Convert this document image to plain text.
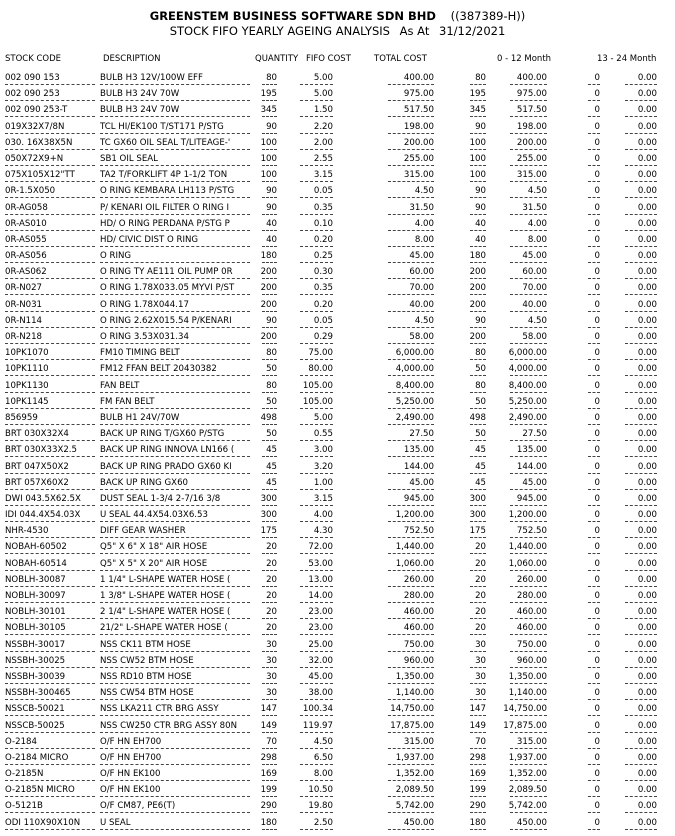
GREENSTEM BUSINESS SOFTWARE SDN BHD ((387389-H))
STOCK FIFO YEARLY AGEING ANALYSIS As At 31/12/2021
STOCK CODE	DESCRIPTION	QUANTITY FIFO COST	TOTAL COST	0 - 12 Month	13 - 24 Month
002 090 153	BULB H3 12V/100W EFF	80	5.00	400.00	80	400.00	0	0.00
002 090 253	BULB H3 24V 70W	195	5.00	975.00	195	975.00	0	0.00
002 090 253-T	BULB H3 24V 70W	345	1.50	517.50	345	517.50	0	0.00
019X32X7/8N	TCL HI/EK100 T/ST171 P/STG	90	2.20	198.00	90	198.00	0	0.00
030. 16X38X5N	TC GX60 OIL SEAL T/LITEAGE-'	100	2.00	200.00	100	200.00	0	0.00
050X72X9+N	SB1 OIL SEAL	100	2.55	255.00	100	255.00	0	0.00
075X105X12"TT	TA2 T/FORKLIFT 4P 1-1/2 TON	100	3.15	315.00	100	315.00	0	0.00
0R-1.5X050	O RING KEMBARA LH113 P/STG	90	0.05	4.50	90	4.50	0	0.00
0R-AG058	P/ KENARI OIL FILTER O RING I	90	0.35	31.50	90	31.50	0	0.00
0R-AS010	HD/ O RING PERDANA P/STG P	40	0.10	4.00	40	4.00	0	0.00
0R-AS055	HD/ CIVIC DIST O RING	40	0.20	8.00	40	8.00	0	0.00
0R-AS056	O RING	180	0.25	45.00	180	45.00	0	0.00
0R-AS062	O RING TY AE111 OIL PUMP 0R	200	0.30	60.00	200	60.00	0	0.00
0R-N027	O RING 1.78X033.05 MYVI P/ST	200	0.35	70.00	200	70.00	0	0.00
0R-N031	O RING 1.78X044.17	200	0.20	40.00	200	40.00	0	0.00
0R-N114	O RING 2.62X015.54 P/KENARI	90	0.05	4.50	90	4.50	0	0.00
0R-N218	O RING 3.53X031.34	200	0.29	58.00	200	58.00	0	0.00
10PK1070	FM10 TIMING BELT	80	75.00	6,000.00	80	6,000.00	0	0.00
10PK1110	FM12 FFAN BELT 20430382	50	80.00	4,000.00	50	4,000.00	0	0.00
10PK1130	FAN BELT	80	105.00	8,400.00	80	8,400.00	0	0.00
10PK1145	FM FAN BELT	50	105.00	5,250.00	50	5,250.00	0	0.00
856959	BULB H1 24V/70W	498	5.00	2,490.00	498	2,490.00	0	0.00
BRT 030X32X4	BACK UP RING T/GX60 P/STG	50	0.55	27.50	50	27.50	0	0.00
BRT 030X33X2.5	BACK UP RING INNOVA LN166 (	45	3.00	135.00	45	135.00	0	0.00
BRT 047X50X2	BACK UP RING PRADO GX60 KI	45	3.20	144.00	45	144.00	0	0.00
BRT 057X60X2	BACK UP RING GX60	45	1.00	45.00	45	45.00	0	0.00
DWI 043.5X62.5X	DUST SEAL 1-3/4 2-7/16 3/8	300	3.15	945.00	300	945.00	0	0.00
IDI 044.4X54.03X	U SEAL 44.4X54.03X6.53	300	4.00	1,200.00	300	1,200.00	0	0.00
NHR-4530	DIFF GEAR WASHER	175	4.30	752.50	175	752.50	0	0.00
NOBAH-60502	Q5" X 6" X 18" AIR HOSE	20	72.00	1,440.00	20	1,440.00	0	0.00
NOBAH-60514	Q5" X 5" X 20" AIR HOSE	20	53.00	1,060.00	20	1,060.00	0	0.00
NOBLH-30087	1 1/4" L-SHAPE WATER HOSE (	20	13.00	260.00	20	260.00	0	0.00
NOBLH-30097	1 3/8" L-SHAPE WATER HOSE (	20	14.00	280.00	20	280.00	0	0.00
NOBLH-30101	2 1/4" L-SHAPE WATER HOSE (	20	23.00	460.00	20	460.00	0	0.00
NOBLH-30105	21/2" L-SHAPE WATER HOSE (	20	23.00	460.00	20	460.00	0	0.00
NSSBH-30017	NSS CK11 BTM HOSE	30	25.00	750.00	30	750.00	0	0.00
NSSBH-30025	NSS CW52 BTM HOSE	30	32.00	960.00	30	960.00	0	0.00
NSSBH-30039	NSS RD10 BTM HOSE	30	45.00	1,350.00	30	1,350.00	0	0.00
NSSBH-300465	NSS CW54 BTM HOSE	30	38.00	1,140.00	30	1,140.00	0	0.00
NSSCB-50021	NSS LKA211 CTR BRG ASSY	147	100.34	14,750.00	147	14,750.00	0	0.00
NSSCB-50025	NSS CW250 CTR BRG ASSY 80N	149	119.97	17,875.00	149	17,875.00	0	0.00
O-2184	O/F HN EH700	70	4.50	315.00	70	315.00	0	0.00
O-2184 MICRO	O/F HN EH700	298	6.50	1,937.00	298	1,937.00	0	0.00
O-2185N	O/F HN EK100	169	8.00	1,352.00	169	1,352.00	0	0.00
O-2185N MICRO	O/F HN EK100	199	10.50	2,089.50	199	2,089.50	0	0.00
O-5121B	O/F CM87, PE6(T)	290	19.80	5,742.00	290	5,742.00	0	0.00
ODI 110X90X10N	U SEAL	180	2.50	450.00	180	450.00	0	0.00
